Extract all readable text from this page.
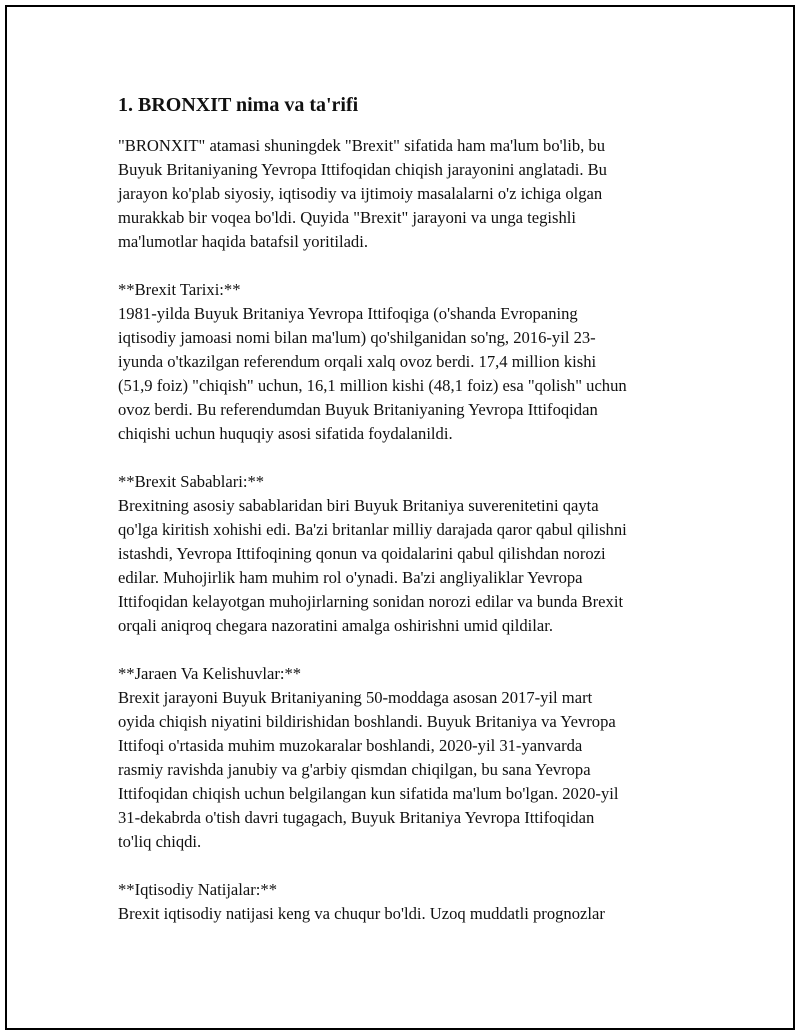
1. BRONXIT nima va ta'rifi
"BRONXIT" atamasi shuningdek "Brexit" sifatida ham ma'lum bo'lib, bu
Buyuk Britaniyaning Yevropa Ittifoqidan chiqish jarayonini anglatadi. Bu
jarayon ko'plab siyosiy, iqtisodiy va ijtimoiy masalalarni o'z ichiga olgan
murakkab bir voqea bo'ldi. Quyida "Brexit" jarayoni va unga tegishli
ma'lumotlar haqida batafsil yoritiladi.
**Brexit Tarixi:**
1981-yilda Buyuk Britaniya Yevropa Ittifoqiga (o'shanda Evropaning
iqtisodiy jamoasi nomi bilan ma'lum) qo'shilganidan so'ng, 2016-yil 23-
iyunda o'tkazilgan referendum orqali xalq ovoz berdi. 17,4 million kishi
(51,9 foiz) "chiqish" uchun, 16,1 million kishi (48,1 foiz) esa "qolish" uchun
ovoz berdi. Bu referendumdan Buyuk Britaniyaning Yevropa Ittifoqidan
chiqishi uchun huquqiy asosi sifatida foydalanildi.
**Brexit Sabablari:**
Brexitning asosiy sabablaridan biri Buyuk Britaniya suverenitetini qayta
qo'lga kiritish xohishi edi. Ba'zi britanlar milliy darajada qaror qabul qilishni
istashdi, Yevropa Ittifoqining qonun va qoidalarini qabul qilishdan norozi
edilar. Muhojirlik ham muhim rol o'ynadi. Ba'zi angliyaliklar Yevropa
Ittifoqidan kelayotgan muhojirlarning sonidan norozi edilar va bunda Brexit
orqali aniqroq chegara nazoratini amalga oshirishni umid qildilar.
**Jaraen Va Kelishuvlar:**
Brexit jarayoni Buyuk Britaniyaning 50-moddaga asosan 2017-yil mart
oyida chiqish niyatini bildirishidan boshlandi. Buyuk Britaniya va Yevropa
Ittifoqi o'rtasida muhim muzokaralar boshlandi, 2020-yil 31-yanvarda
rasmiy ravishda janubiy va g'arbiy qismdan chiqilgan, bu sana Yevropa
Ittifoqidan chiqish uchun belgilangan kun sifatida ma'lum bo'lgan. 2020-yil
31-dekabrda o'tish davri tugagach, Buyuk Britaniya Yevropa Ittifoqidan
to'liq chiqdi.
**Iqtisodiy Natijalar:**
Brexit iqtisodiy natijasi keng va chuqur bo'ldi. Uzoq muddatli prognozlar
